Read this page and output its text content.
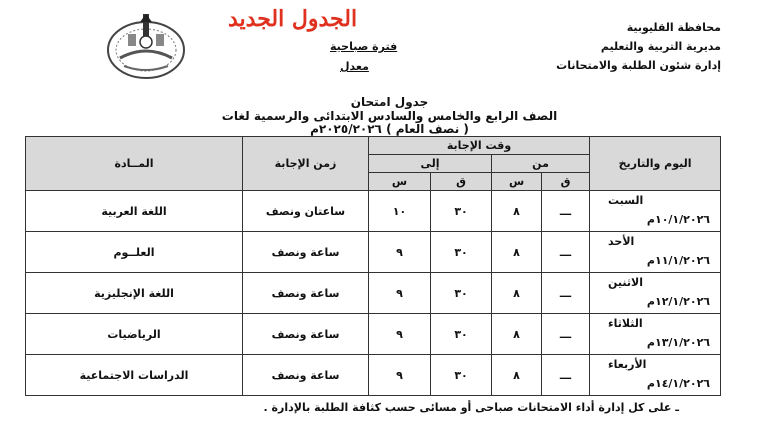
الجدول الجديد	محافظة القليوبية
مديرية التربية والتعليم
إدارة شئون الطلبة والامتحانات
فترة صباحية
معدل
جدول امتحان
الصف الرابع والخامس والسادس الابتدائى والرسمية لغات
( نصف العام ) ٢٠٢٥/٢٠٢٦م
اليوم والتاريخ	وقت الإجابة				زمن الإجابة	المــادة
	من		إلى			
	ق	س	ق	س		

السبت
١٠/١/٢٠٢٦م	ـــ	٨	٣٠	١٠	ساعتان ونصف	اللغة العربية

الأحد
١١/١/٢٠٢٦م	ـــ	٨	٣٠	٩	ساعة ونصف	العلــوم

الاثنين
١٢/١/٢٠٢٦م	ـــ	٨	٣٠	٩	ساعة ونصف	اللغة الإنجليزية

الثلاثاء
١٣/١/٢٠٢٦م	ـــ	٨	٣٠	٩	ساعة ونصف	الرياضيات

الأربعاء
١٤/١/٢٠٢٦م	ـــ	٨	٣٠	٩	ساعة ونصف	الدراسات الاجتماعية
ـ على كل إدارة أداء الامتحانات صباحى أو مسائى حسب كثافة الطلبة بالإدارة .
